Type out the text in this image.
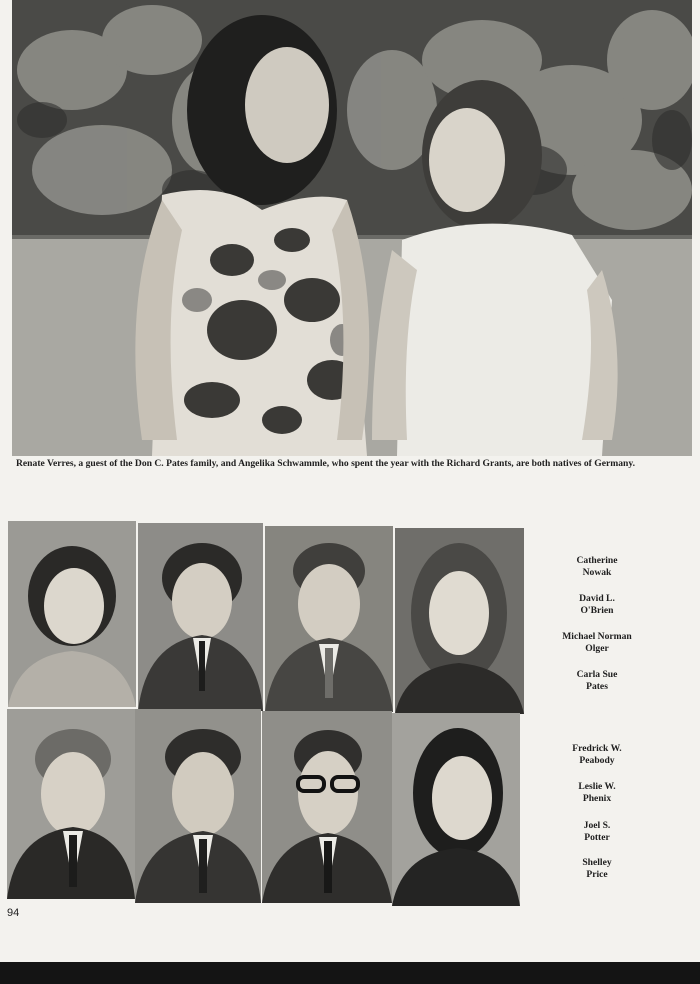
Renate Verres, a guest of the Don C. Pates family, and Angelika Schwammle, who spent the year with the Richard Grants, are both natives of Germany.
Catherine
Nowak
David L.
O'Brien
Michael Norman
Olger
Carla Sue
Pates
Fredrick W.
Peabody
Leslie W.
Phenix
Joel S.
Potter
Shelley
Price
94
